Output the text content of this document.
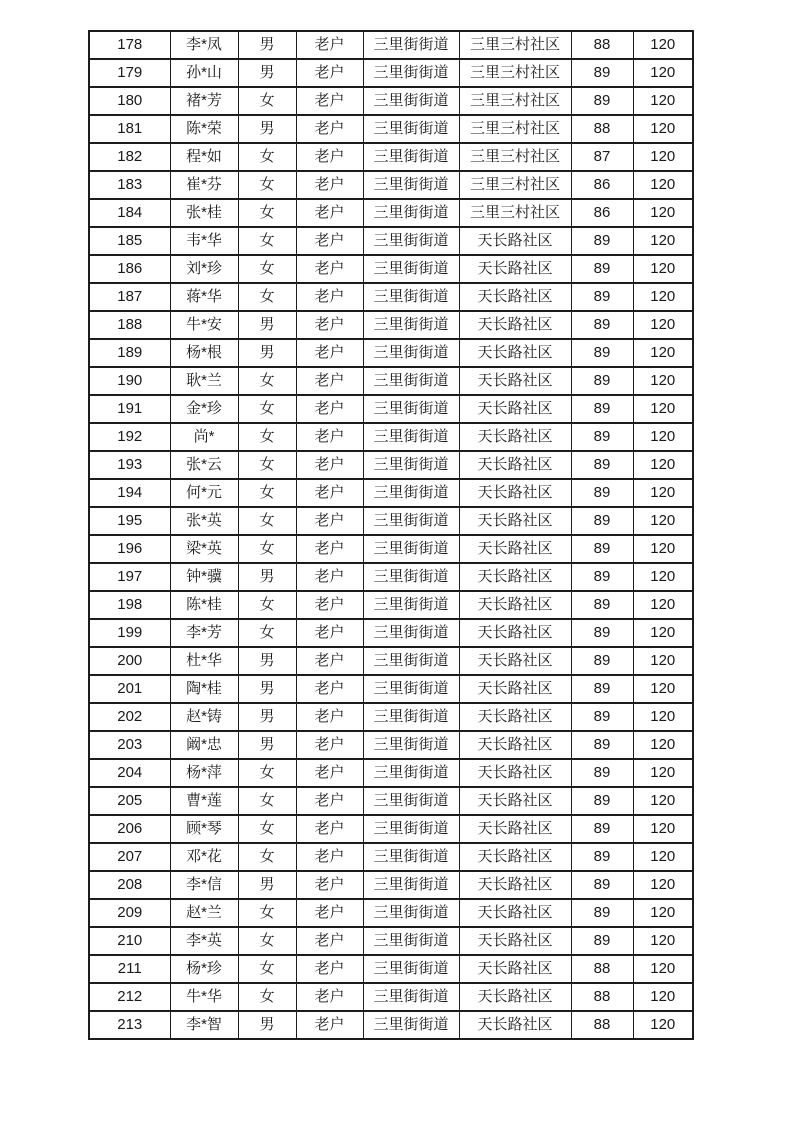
178	李*凤	男	老户	三里街街道	三里三村社区	88	120
179	孙*山	男	老户	三里街街道	三里三村社区	89	120
180	褚*芳	女	老户	三里街街道	三里三村社区	89	120
181	陈*荣	男	老户	三里街街道	三里三村社区	88	120
182	程*如	女	老户	三里街街道	三里三村社区	87	120
183	崔*芬	女	老户	三里街街道	三里三村社区	86	120
184	张*桂	女	老户	三里街街道	三里三村社区	86	120
185	韦*华	女	老户	三里街街道	天长路社区	89	120
186	刘*珍	女	老户	三里街街道	天长路社区	89	120
187	蒋*华	女	老户	三里街街道	天长路社区	89	120
188	牛*安	男	老户	三里街街道	天长路社区	89	120
189	杨*根	男	老户	三里街街道	天长路社区	89	120
190	耿*兰	女	老户	三里街街道	天长路社区	89	120
191	金*珍	女	老户	三里街街道	天长路社区	89	120
192	尚*	女	老户	三里街街道	天长路社区	89	120
193	张*云	女	老户	三里街街道	天长路社区	89	120
194	何*元	女	老户	三里街街道	天长路社区	89	120
195	张*英	女	老户	三里街街道	天长路社区	89	120
196	梁*英	女	老户	三里街街道	天长路社区	89	120
197	钟*骥	男	老户	三里街街道	天长路社区	89	120
198	陈*桂	女	老户	三里街街道	天长路社区	89	120
199	李*芳	女	老户	三里街街道	天长路社区	89	120
200	杜*华	男	老户	三里街街道	天长路社区	89	120
201	陶*桂	男	老户	三里街街道	天长路社区	89	120
202	赵*铸	男	老户	三里街街道	天长路社区	89	120
203	阚*忠	男	老户	三里街街道	天长路社区	89	120
204	杨*萍	女	老户	三里街街道	天长路社区	89	120
205	曹*莲	女	老户	三里街街道	天长路社区	89	120
206	顾*琴	女	老户	三里街街道	天长路社区	89	120
207	邓*花	女	老户	三里街街道	天长路社区	89	120
208	李*信	男	老户	三里街街道	天长路社区	89	120
209	赵*兰	女	老户	三里街街道	天长路社区	89	120
210	李*英	女	老户	三里街街道	天长路社区	89	120
211	杨*珍	女	老户	三里街街道	天长路社区	88	120
212	牛*华	女	老户	三里街街道	天长路社区	88	120
213	李*智	男	老户	三里街街道	天长路社区	88	120
